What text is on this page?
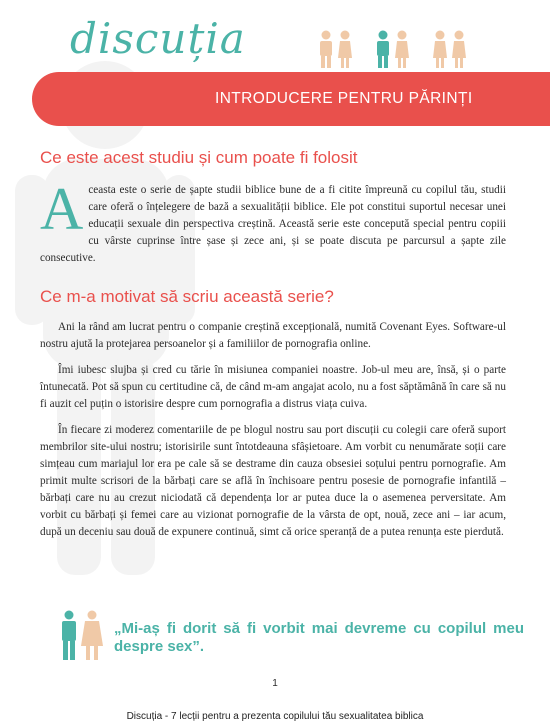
discuția

INTRODUCERE PENTRU PĂRINȚI

Ce este acest studiu și cum poate fi folosit

Aceasta este o serie de șapte studii biblice bune de a fi citite împreună cu copilul tău, studii care oferă o înțelegere de bază a sexualității biblice. Ele pot constitui suportul necesar unei educații sexuale din perspectiva creștină. Această serie este concepută special pentru copiii cu vârste cuprinse între șase și zece ani, și se poate discuta pe parcursul a șapte zile consecutive.

Ce m-a motivat să scriu această serie?

Ani la rând am lucrat pentru o companie creștină excepțională, numită Covenant Eyes. Software-ul nostru ajută la protejarea persoanelor și a familiilor de pornografia online.

Îmi iubesc slujba și cred cu tărie în misiunea companiei noastre. Job-ul meu are, însă, și o parte întunecată. Pot să spun cu certitudine că, de când m-am angajat acolo, nu a fost săptămână în care să nu fi auzit cel puțin o istorisire despre cum pornografia a distrus viața cuiva.

În fiecare zi moderez comentariile de pe blogul nostru sau port discuții cu colegii care oferă suport membrilor site-ului nostru; istorisirile sunt întotdeauna sfâșietoare. Am vorbit cu nenumărate soții care simțeau cum mariajul lor era pe cale să se destrame din cauza obsesiei soțului pentru pornografie. Am primit multe scrisori de la bărbați care se află în închisoare pentru posesie de pornografie infantilă – bărbați care nu au crezut niciodată că dependența lor ar putea duce la o asemenea perversitate. Am vorbit cu bărbați și femei care au vizionat pornografie de la vârsta de opt, nouă, zece ani – iar acum, după un deceniu sau două de expunere continuă, simt că orice speranță de a putea renunța este pierdută.

„Mi-aș fi dorit să fi vorbit mai devreme cu copilul meu despre sex”.

1

Discuția - 7 lecții pentru a prezenta copilului tău sexualitatea biblica
